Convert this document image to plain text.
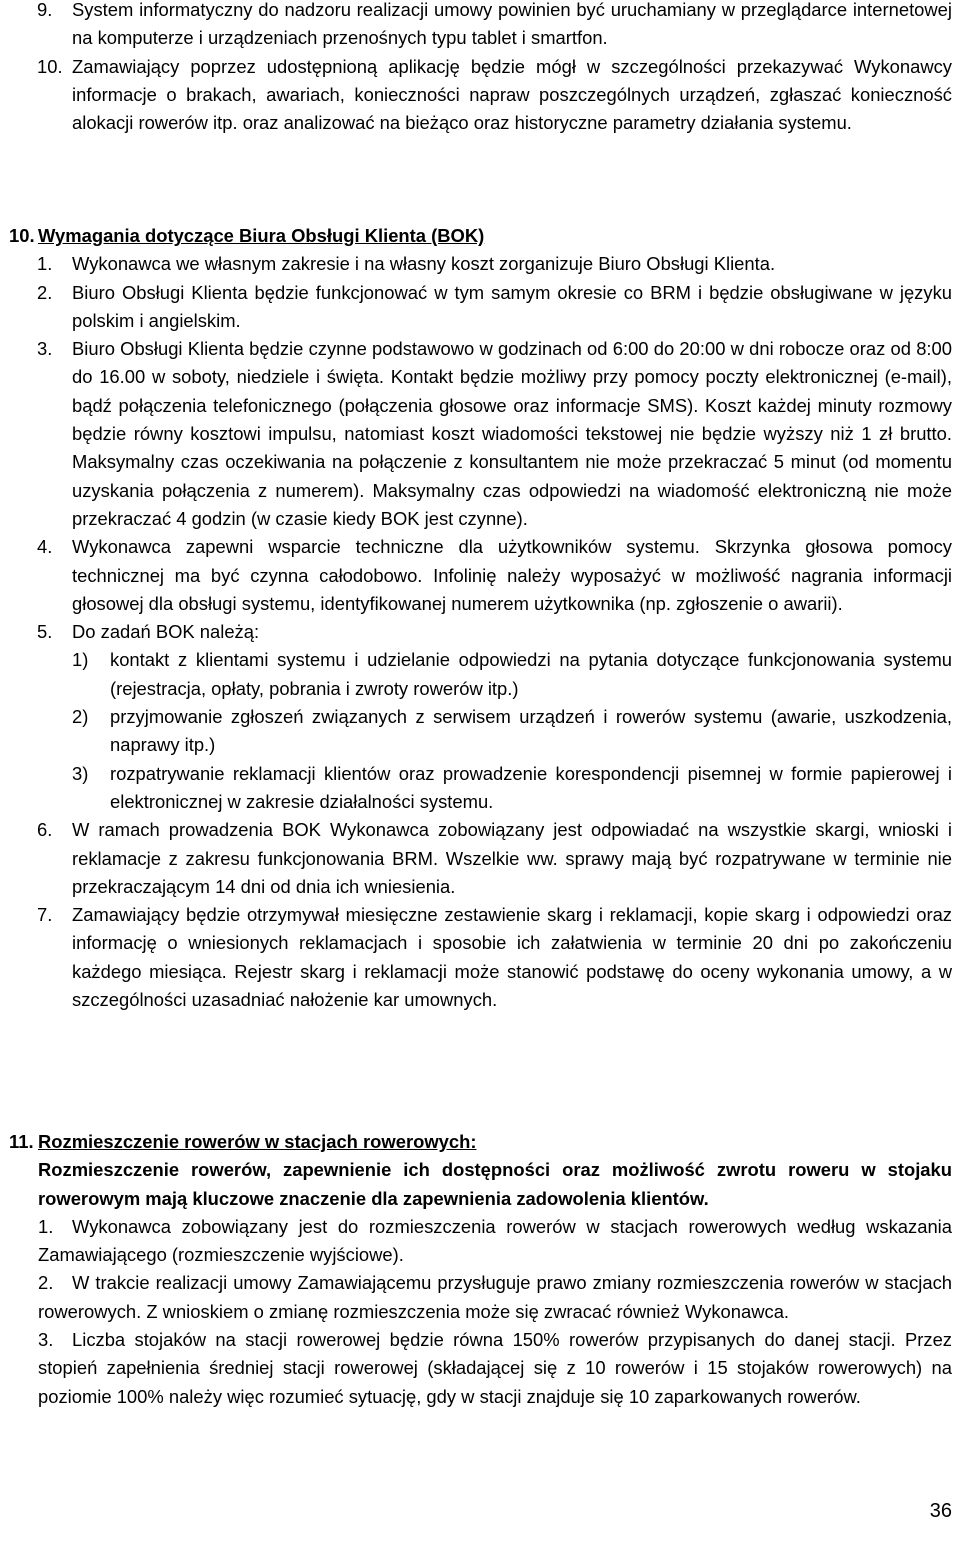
9. System informatyczny do nadzoru realizacji umowy powinien być uruchamiany w przeglądarce internetowej na komputerze i urządzeniach przenośnych typu tablet i smartfon.
10. Zamawiający poprzez udostępnioną aplikację będzie mógł w szczególności przekazywać Wykonawcy informacje o brakach, awariach, konieczności napraw poszczególnych urządzeń, zgłaszać konieczność alokacji rowerów itp. oraz analizować na bieżąco oraz historyczne parametry działania systemu.
10. Wymagania dotyczące Biura Obsługi Klienta (BOK)
1. Wykonawca we własnym zakresie i na własny koszt zorganizuje Biuro Obsługi Klienta.
2. Biuro Obsługi Klienta będzie funkcjonować w tym samym okresie co BRM i będzie obsługiwane w języku polskim i angielskim.
3. Biuro Obsługi Klienta będzie czynne podstawowo w godzinach od 6:00 do 20:00 w dni robocze oraz od 8:00 do 16.00 w soboty, niedziele i święta. Kontakt będzie możliwy przy pomocy poczty elektronicznej (e-mail), bądź połączenia telefonicznego (połączenia głosowe oraz informacje SMS). Koszt każdej minuty rozmowy będzie równy kosztowi impulsu, natomiast koszt wiadomości tekstowej nie będzie wyższy niż 1 zł brutto. Maksymalny czas oczekiwania na połączenie z konsultantem nie może przekraczać 5 minut (od momentu uzyskania połączenia z numerem). Maksymalny czas odpowiedzi na wiadomość elektroniczną nie może przekraczać 4 godzin (w czasie kiedy BOK jest czynne).
4. Wykonawca zapewni wsparcie techniczne dla użytkowników systemu. Skrzynka głosowa pomocy technicznej ma być czynna całodobowo. Infolinię należy wyposażyć w możliwość nagrania informacji głosowej dla obsługi systemu, identyfikowanej numerem użytkownika (np. zgłoszenie o awarii).
5. Do zadań BOK należą:
1) kontakt z klientami systemu i udzielanie odpowiedzi na pytania dotyczące funkcjonowania systemu (rejestracja, opłaty, pobrania i zwroty rowerów itp.)
2) przyjmowanie zgłoszeń związanych z serwisem urządzeń i rowerów systemu (awarie, uszkodzenia, naprawy itp.)
3) rozpatrywanie reklamacji klientów oraz prowadzenie korespondencji pisemnej w formie papierowej i elektronicznej w zakresie działalności systemu.
6. W ramach prowadzenia BOK Wykonawca zobowiązany jest odpowiadać na wszystkie skargi, wnioski i reklamacje z zakresu funkcjonowania BRM. Wszelkie ww. sprawy mają być rozpatrywane w terminie nie przekraczającym 14 dni od dnia ich wniesienia.
7. Zamawiający będzie otrzymywał miesięczne zestawienie skarg i reklamacji, kopie skarg i odpowiedzi oraz informację o wniesionych reklamacjach i sposobie ich załatwienia w terminie 20 dni po zakończeniu każdego miesiąca. Rejestr skarg i reklamacji może stanowić podstawę do oceny wykonania umowy, a w szczególności uzasadniać nałożenie kar umownych.
11. Rozmieszczenie rowerów w stacjach rowerowych:
Rozmieszczenie rowerów, zapewnienie ich dostępności oraz możliwość zwrotu roweru w stojaku rowerowym mają kluczowe znaczenie dla zapewnienia zadowolenia klientów.
1. Wykonawca zobowiązany jest do rozmieszczenia rowerów w stacjach rowerowych według wskazania Zamawiającego (rozmieszczenie wyjściowe).
2. W trakcie realizacji umowy Zamawiającemu przysługuje prawo zmiany rozmieszczenia rowerów w stacjach rowerowych. Z wnioskiem o zmianę rozmieszczenia może się zwracać również Wykonawca.
3. Liczba stojaków na stacji rowerowej będzie równa 150% rowerów przypisanych do danej stacji. Przez stopień zapełnienia średniej stacji rowerowej (składającej się z 10 rowerów i 15 stojaków rowerowych) na poziomie 100% należy więc rozumieć sytuację, gdy w stacji znajduje się 10 zaparkowanych rowerów.
36
